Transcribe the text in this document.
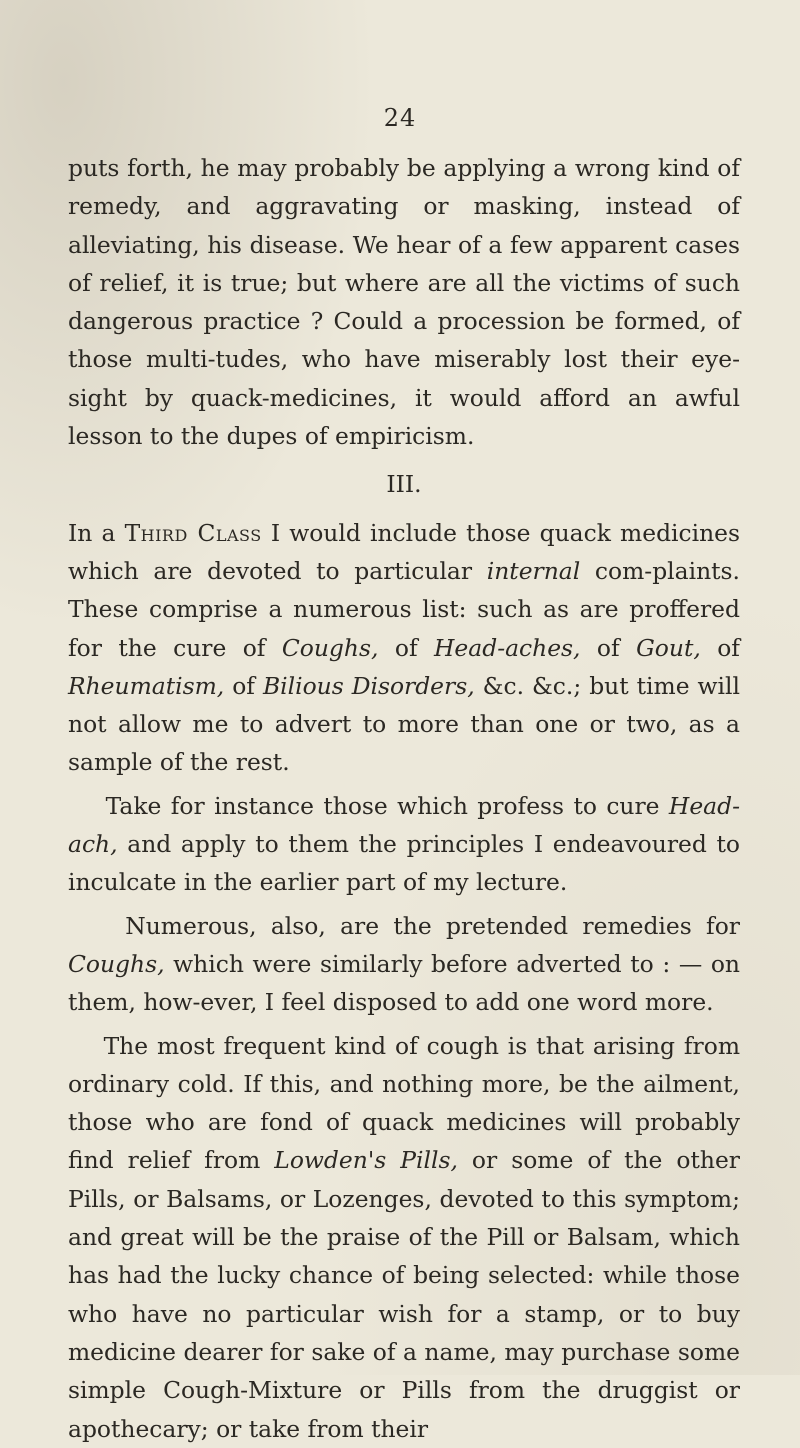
24

puts forth, he may probably be applying a wrong kind of remedy, and aggravating or masking, instead of alleviating, his disease. We hear of a few apparent cases of relief, it is true; but where are all the victims of such dangerous practice ? Could a procession be formed, of those multi-tudes, who have miserably lost their eye-sight by quack-medicines, it would afford an awful lesson to the dupes of empiricism.

III.

In a Third Class I would include those quack medicines which are devoted to particular internal com-plaints. These comprise a numerous list: such as are proffered for the cure of Coughs, of Head-aches, of Gout, of Rheumatism, of Bilious Disorders, &c. &c.; but time will not allow me to advert to more than one or two, as a sample of the rest.

Take for instance those which profess to cure Head-ach, and apply to them the principles I endeavoured to inculcate in the earlier part of my lecture.

Numerous, also, are the pretended remedies for Coughs, which were similarly before adverted to : — on them, how-ever, I feel disposed to add one word more.

The most frequent kind of cough is that arising from ordinary cold. If this, and nothing more, be the ailment, those who are fond of quack medicines will probably find relief from Lowden's Pills, or some of the other Pills, or Balsams, or Lozenges, devoted to this symptom; and great will be the praise of the Pill or Balsam, which has had the lucky chance of being selected: while those who have no particular wish for a stamp, or to buy medicine dearer for sake of a name, may purchase some simple Cough-Mixture or Pills from the druggist or apothecary; or take from their
